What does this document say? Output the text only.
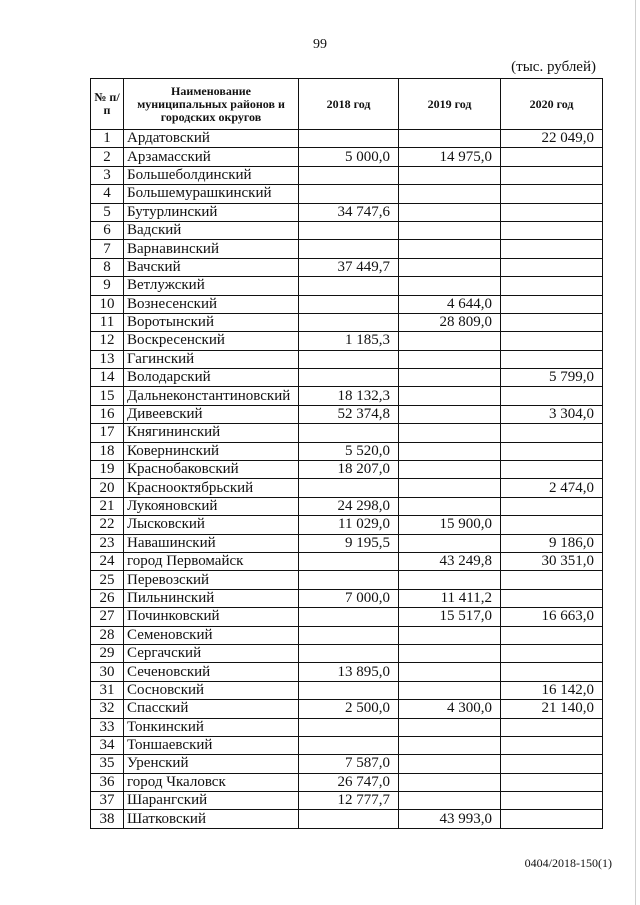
99
(тыс. рублей)
№ п/п	Наименование муниципальных районов и городских округов	2018 год	2019 год	2020 год
1	Ардатовский			22 049,0
2	Арзамасский	5 000,0	14 975,0	
3	Большеболдинский			
4	Большемурашкинский			
5	Бутурлинский	34 747,6		
6	Вадский			
7	Варнавинский			
8	Вачский	37 449,7		
9	Ветлужский			
10	Вознесенский		4 644,0	
11	Воротынский		28 809,0	
12	Воскресенский	1 185,3		
13	Гагинский			
14	Володарский			5 799,0
15	Дальнеконстантиновский	18 132,3		
16	Дивеевский	52 374,8		3 304,0
17	Княгининский			
18	Ковернинский	5 520,0		
19	Краснобаковский	18 207,0		
20	Краснооктябрьский			2 474,0
21	Лукояновский	24 298,0		
22	Лысковский	11 029,0	15 900,0	
23	Навашинский	9 195,5		9 186,0
24	город Первомайск		43 249,8	30 351,0
25	Перевозский			
26	Пильнинский	7 000,0	11 411,2	
27	Починковский		15 517,0	16 663,0
28	Семеновский			
29	Сергачский			
30	Сеченовский	13 895,0		
31	Сосновский			16 142,0
32	Спасский	2 500,0	4 300,0	21 140,0
33	Тонкинский			
34	Тоншаевский			
35	Уренский	7 587,0		
36	город Чкаловск	26 747,0		
37	Шарангский	12 777,7		
38	Шатковский		43 993,0	
0404/2018-150(1)
